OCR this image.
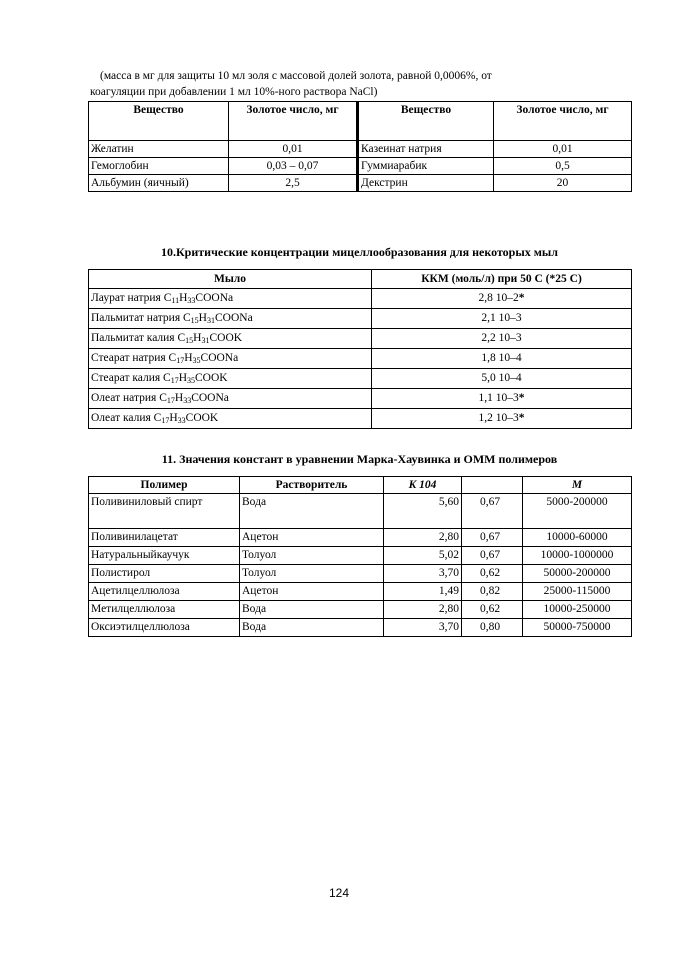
(масса в мг для защиты 10 мл золя с массовой долей золота, равной 0,0006%, от
коагуляции при добавлении 1 мл 10%-ного раствора NaCl)
Вещество	Золотое число, мг	Вещество	Золотое число, мг
Желатин	0,01	Казеинат натрия	0,01
Гемоглобин	0,03 – 0,07	Гуммиарабик	0,5
Альбумин (яичный)	2,5	Декстрин	20
10.Критические концентрации мицеллообразования для некоторых мыл
Мыло	ККМ (моль/л) при 50 С (*25 С)
Лаурат натрия $C_{11}H_{33}COONa$	2,8 10–2*
Пальмитат натрия $C_{15}H_{31}COONa$	2,1 10–3
Пальмитат калия $C_{15}H_{31}COOK$	2,2 10–3
Стеарат натрия $C_{17}H_{35}COONa$	1,8 10–4
Стеарат калия $C_{17}H_{35}COOK$	5,0 10–4
Олеат натрия $C_{17}H_{33}COONa$	1,1 10–3*
Олеат калия $C_{17}H_{33}COOK$	1,2 10–3*
11. Значения констант в уравнении Марка-Хаувинка и ОММ полимеров
Полимер	Растворитель	K 104		M
Поливиниловый спирт	Вода	5,60	0,67	5000-200000
Поливинилацетат	Ацетон	2,80	0,67	10000-60000
Натуральныйкаучук	Толуол	5,02	0,67	10000-1000000
Полистирол	Толуол	3,70	0,62	50000-200000
Ацетилцеллюлоза	Ацетон	1,49	0,82	25000-115000
Метилцеллюлоза	Вода	2,80	0,62	10000-250000
Оксиэтилцеллюлоза	Вода	3,70	0,80	50000-750000
124
